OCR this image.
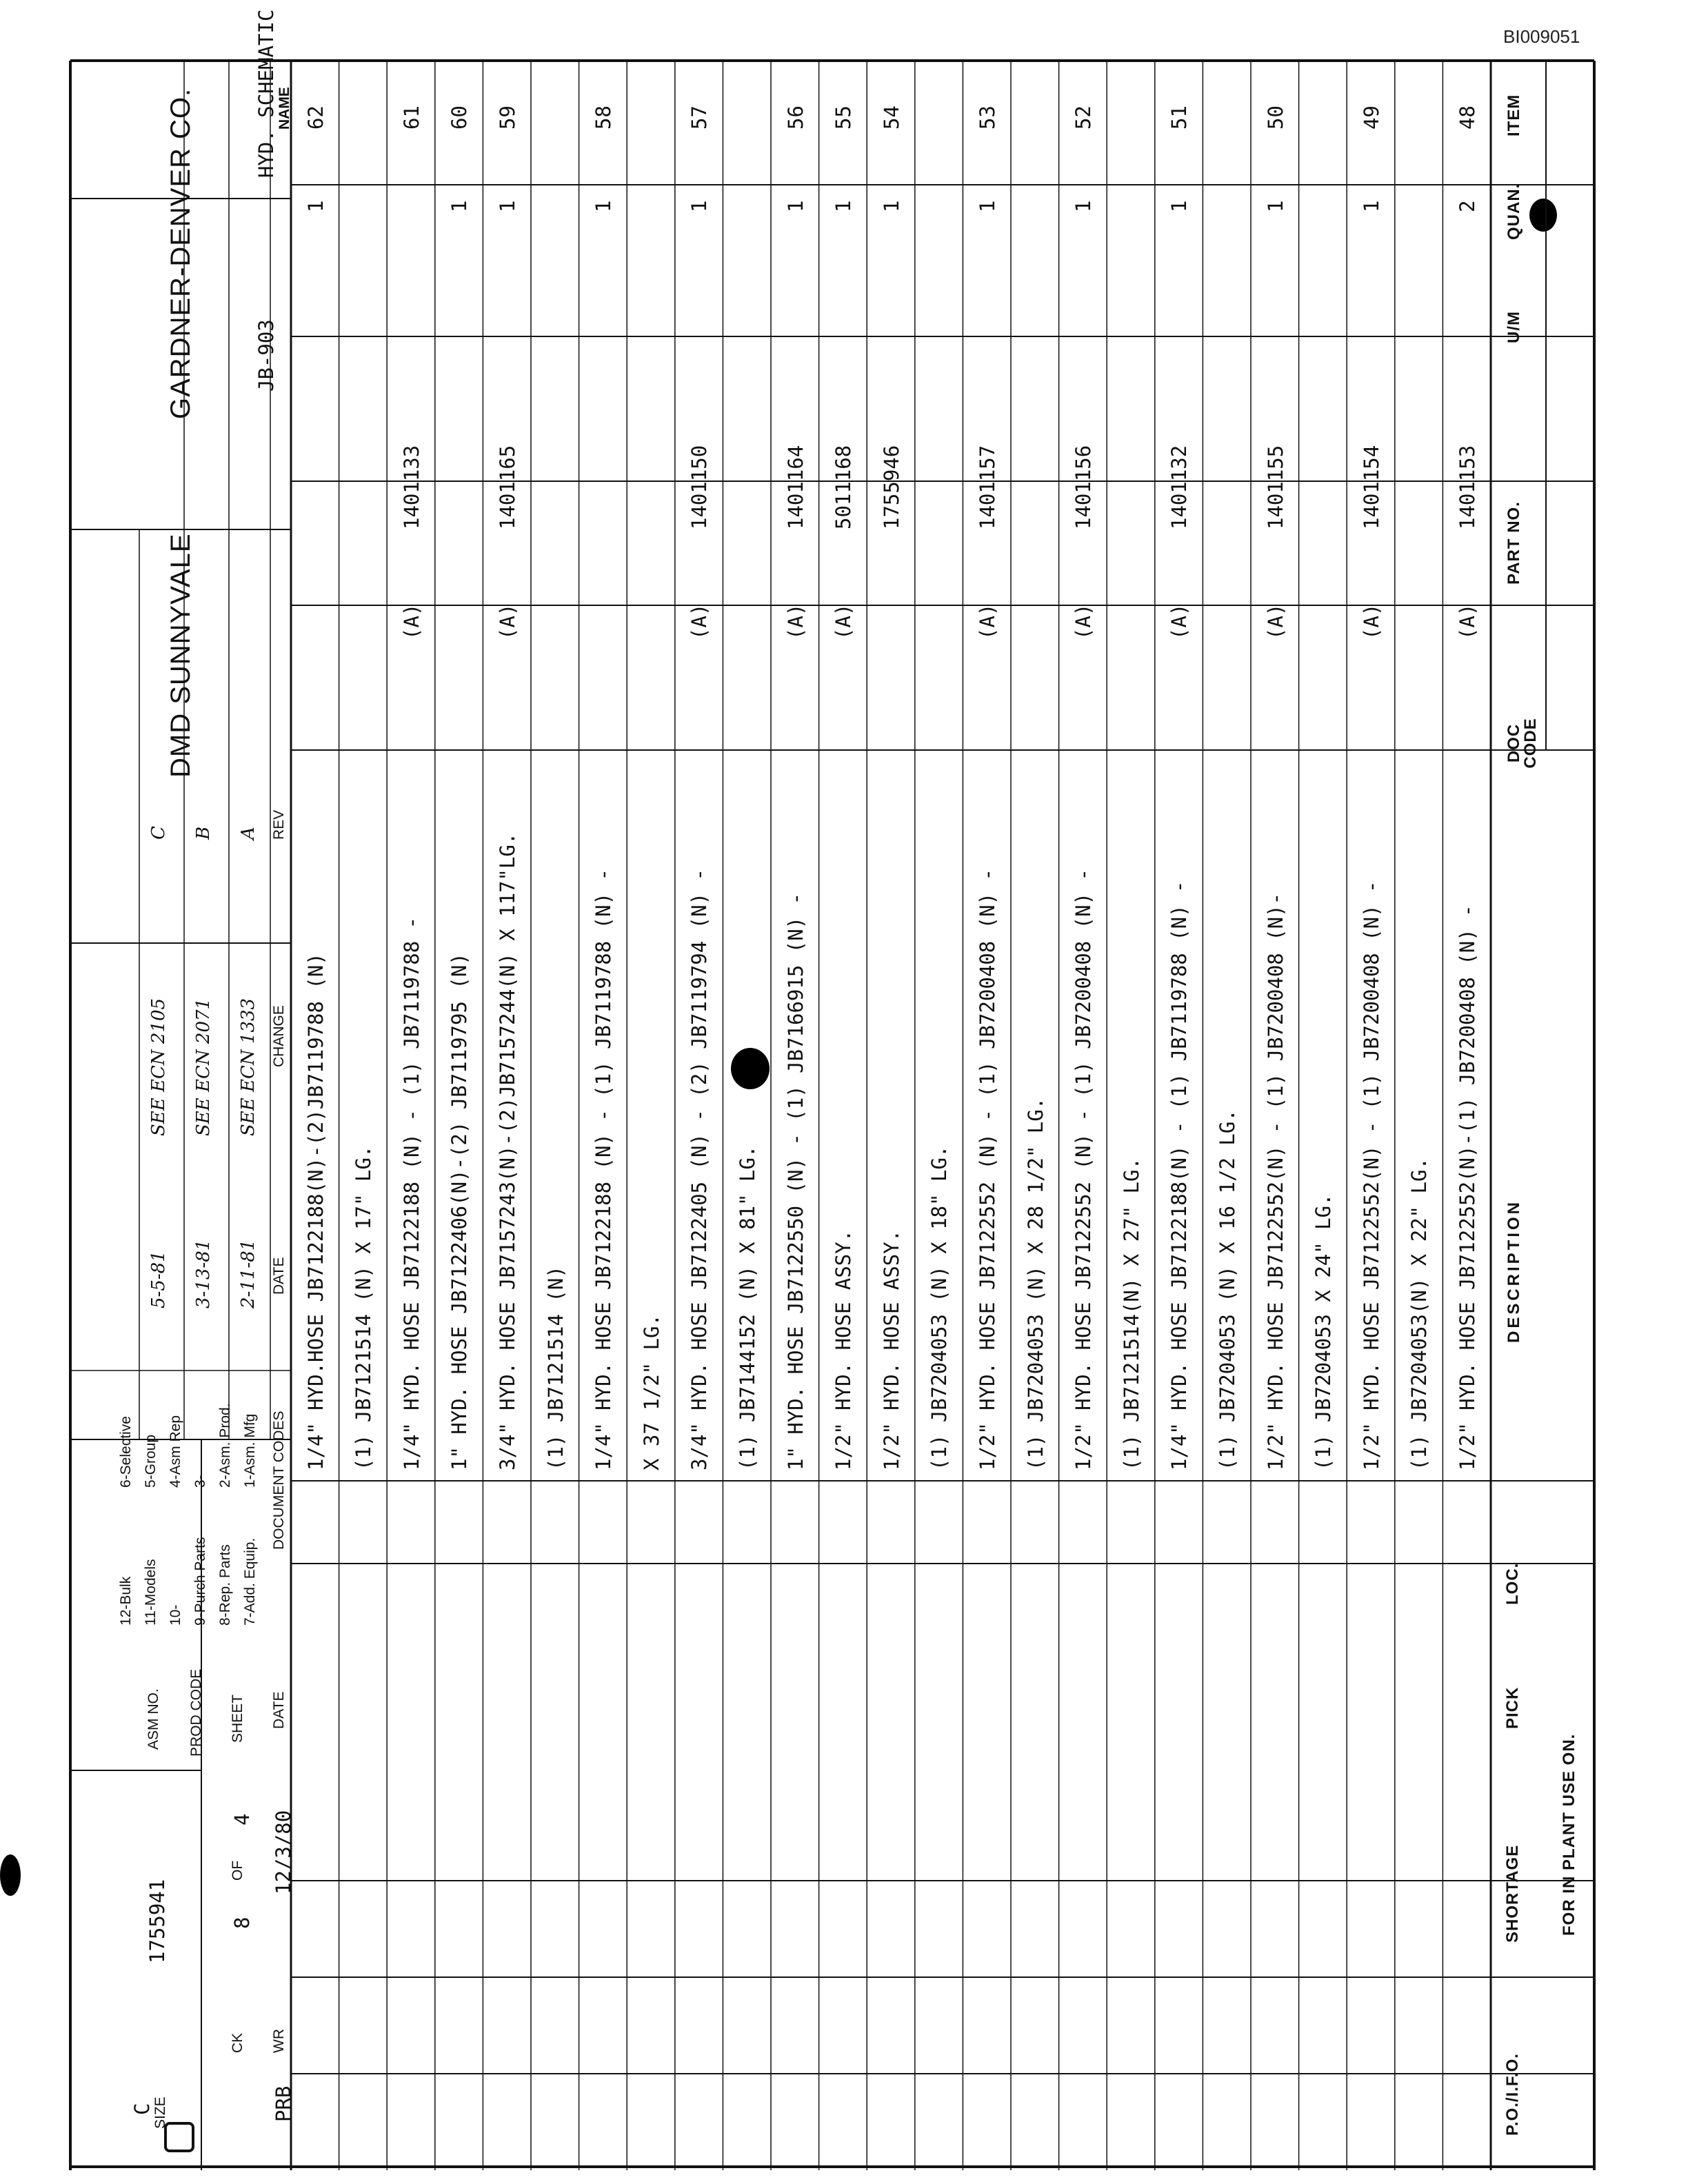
BI009051
ITEM
QUAN.
U/M
PART NO.
DOC CODE
DESCRIPTION
FOR IN PLANT USE ON.
LOC.
PICK
SHORTAGE
P.O./I.F.O.
48
2
1401153
(A)
1/2" HYD. HOSE JB7122552(N)-(1) JB7200408 (N) -
(1) JB7204053(N) X 22" LG.
49
1
1401154
(A)
1/2" HYD. HOSE JB7122552(N) - (1) JB7200408 (N) -
(1) JB7204053 X 24" LG.
50
1
1401155
(A)
1/2" HYD. HOSE JB7122552(N) - (1) JB7200408 (N)-
(1) JB7204053 (N) X 16 1/2 LG.
51
1
1401132
(A)
1/4" HYD. HOSE JB7122188(N) - (1) JB7119788 (N) -
(1) JB7121514(N) X 27" LG.
52
1
1401156
(A)
1/2" HYD. HOSE JB7122552 (N) - (1) JB7200408 (N) -
(1) JB7204053 (N) X 28 1/2" LG.
53
1
1401157
(A)
1/2" HYD. HOSE JB7122552 (N) - (1) JB7200408 (N) -
(1) JB7204053 (N) X 18" LG.
54
1
1755946
1/2" HYD. HOSE ASSY.
55
1
5011168
(A)
1/2" HYD. HOSE ASSY.
56
1
1401164
(A)
1" HYD. HOSE JB7122550 (N) - (1) JB7166915 (N) -
(1) JB7144152 (N) X 81" LG.
57
1
1401150
(A)
3/4" HYD. HOSE JB7122405 (N) - (2) JB7119794 (N) -
X 37 1/2" LG.
58
1
1/4" HYD. HOSE JB7122188 (N) - (1) JB7119788 (N) -
(1) JB7121514 (N)
59
1
1401165
(A)
3/4" HYD. HOSE JB7157243(N)-(2)JB7157244(N) X 117"LG.
60
1
1" HYD. HOSE JB7122406(N)-(2) JB7119795 (N)
61
1401133
(A)
1/4" HYD. HOSE JB7122188 (N) - (1) JB7119788 -
(1) JB7121514 (N) X 17" LG.
62
1
1/4" HYD.HOSE JB7122188(N)-(2)JB7119788 (N)
NAME
HYD. SCHEMATIC
JB-903
GARDNER-DENVER CO.
DMD SUNNYVALE
REV
CHANGE
DATE
A
SEE ECN 1333
2-11-81
B
SEE ECN 2071
3-13-81
C
SEE ECN 2105
5-5-81
DOCUMENT CODES
1-Asm. Mfg
2-Asm. Prod.
3-
4-Asm Rep
5-Group
6-Selective
7-Add. Equip.
8-Rep. Parts
9-Purch Parts
10-
11-Models
12-Bulk
DATE
12/3/80
SHEET
4
OF
8
PROD CODE
ASM NO.
1755941
WR
PRB
CK
SIZE
C
